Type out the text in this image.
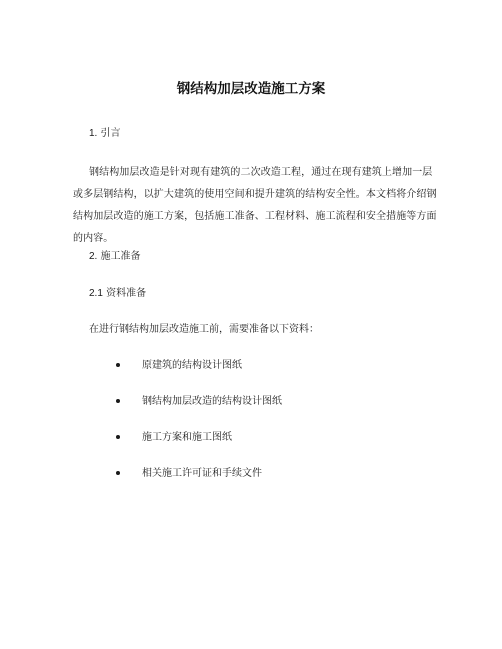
钢结构加层改造施工方案
1. 引言
钢结构加层改造是针对现有建筑的二次改造工程，通过在现有建筑上增加一层
或多层钢结构，以扩大建筑的使用空间和提升建筑的结构安全性。本文档将介绍钢
结构加层改造的施工方案，包括施工准备、工程材料、施工流程和安全措施等方面
的内容。
2. 施工准备
2.1 资料准备
在进行钢结构加层改造施工前，需要准备以下资料：
原建筑的结构设计图纸
钢结构加层改造的结构设计图纸
施工方案和施工图纸
相关施工许可证和手续文件
